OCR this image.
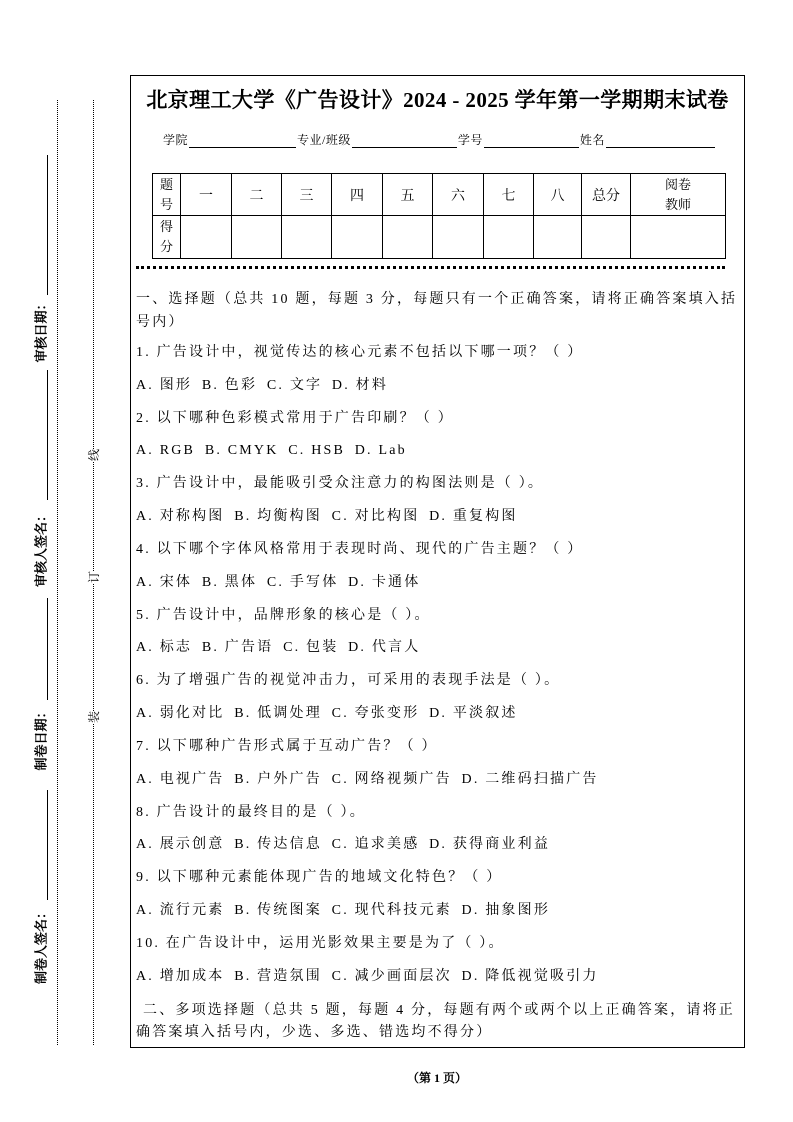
审核日期：
审核人签名：
制卷日期：
制卷人签名：
线
订
装
北京理工大学《广告设计》2024 - 2025 学年第一学期期末试卷
学院	专业/班级	学号	姓名
题
号	一	二	三	四	五	六	七	八	总分	阅卷
教师
得
分										

一、选择题（总共 10 题，每题 3 分，每题只有一个正确答案，请将正确答案填入括号内）

1. 广告设计中，视觉传达的核心元素不包括以下哪一项？（ ）
A. 图形 B. 色彩 C. 文字 D. 材料
2. 以下哪种色彩模式常用于广告印刷？（ ）
A. RGB B. CMYK C. HSB D. Lab
3. 广告设计中，最能吸引受众注意力的构图法则是（ ）。
A. 对称构图 B. 均衡构图 C. 对比构图 D. 重复构图
4. 以下哪个字体风格常用于表现时尚、现代的广告主题？（ ）
A. 宋体 B. 黑体 C. 手写体 D. 卡通体
5. 广告设计中，品牌形象的核心是（ ）。
A. 标志 B. 广告语 C. 包装 D. 代言人
6. 为了增强广告的视觉冲击力，可采用的表现手法是（ ）。
A. 弱化对比 B. 低调处理 C. 夸张变形 D. 平淡叙述
7. 以下哪种广告形式属于互动广告？（ ）
A. 电视广告 B. 户外广告 C. 网络视频广告 D. 二维码扫描广告
8. 广告设计的最终目的是（ ）。
A. 展示创意 B. 传达信息 C. 追求美感 D. 获得商业利益
9. 以下哪种元素能体现广告的地域文化特色？（ ）
A. 流行元素 B. 传统图案 C. 现代科技元素 D. 抽象图形
10. 在广告设计中，运用光影效果主要是为了（ ）。
A. 增加成本 B. 营造氛围 C. 减少画面层次 D. 降低视觉吸引力

二、多项选择题（总共 5 题，每题 4 分，每题有两个或两个以上正确答案，请将正确答案填入括号内，少选、多选、错选均不得分）

（第 1 页）
